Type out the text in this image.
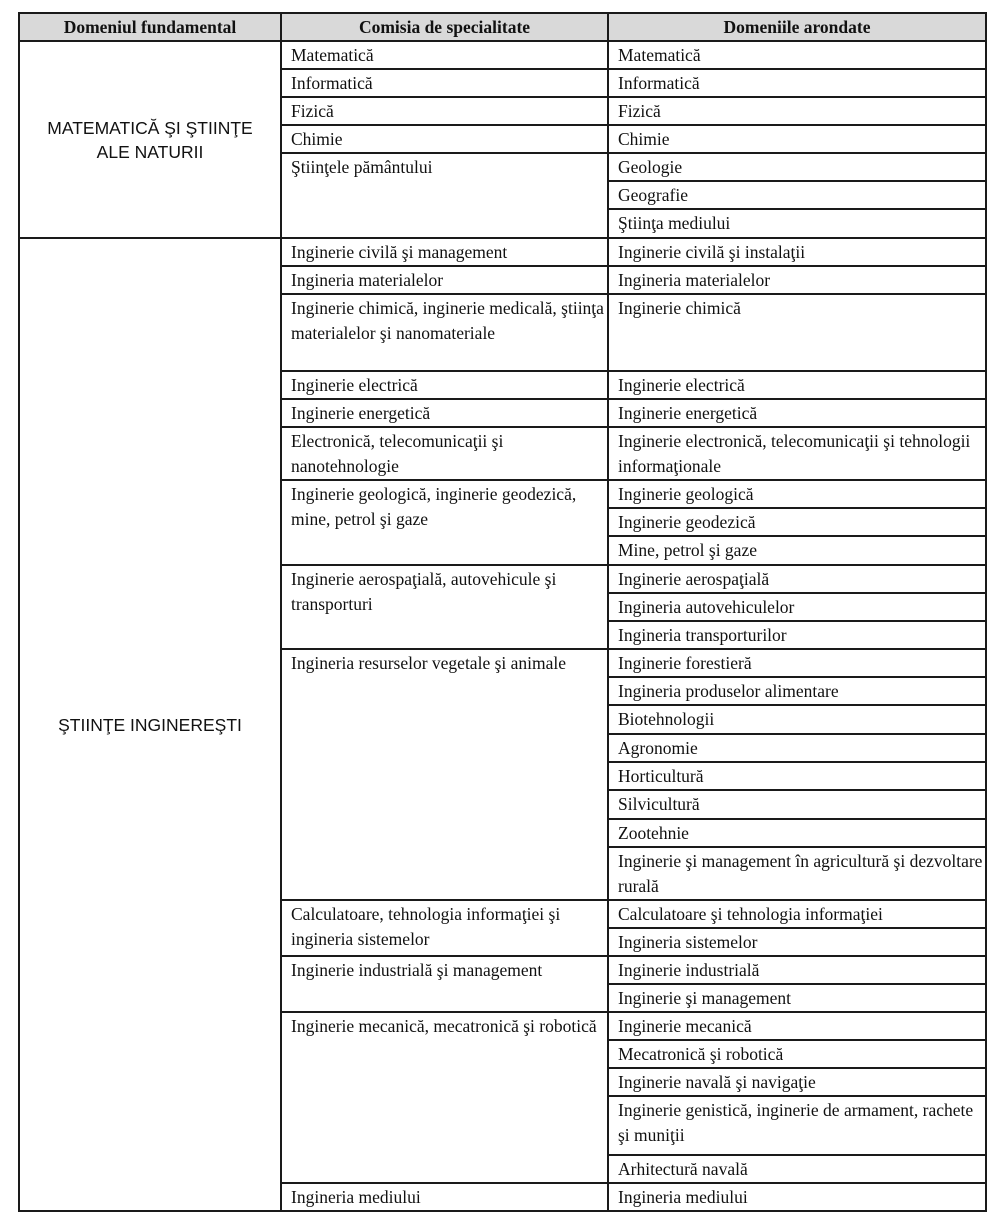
Domeniul fundamental	Comisia de specialitate	Domeniile arondate
MATEMATICĂ ŞI ŞTIINŢE ALE NATURII	Matematică	Matematică
	Informatică	Informatică
	Fizică	Fizică
	Chimie	Chimie
	Ştiinţele pământului	Geologie
		Geografie
		Ştiinţa mediului
ŞTIINŢE INGINEREŞTI	Inginerie civilă şi management	Inginerie civilă şi instalaţii
	Ingineria materialelor	Ingineria materialelor
	Inginerie chimică, inginerie medicală, ştiinţa materialelor şi nanomateriale	Inginerie chimică
	Inginerie electrică	Inginerie electrică
	Inginerie energetică	Inginerie energetică
	Electronică, telecomunicaţii şi nanotehnologie	Inginerie electronică, telecomunicaţii şi tehnologii informaţionale
	Inginerie geologică, inginerie geodezică, mine, petrol şi gaze	Inginerie geologică
		Inginerie geodezică
		Mine, petrol şi gaze
	Inginerie aerospaţială, autovehicule şi transporturi	Inginerie aerospaţială
		Ingineria autovehiculelor
		Ingineria transporturilor
	Ingineria resurselor vegetale şi animale	Inginerie forestieră
		Ingineria produselor alimentare
		Biotehnologii
		Agronomie
		Horticultură
		Silvicultură
		Zootehnie
		Inginerie şi management în agricultură şi dezvoltare rurală
	Calculatoare, tehnologia informaţiei şi ingineria sistemelor	Calculatoare şi tehnologia informaţiei
		Ingineria sistemelor
	Inginerie industrială şi management	Inginerie industrială
		Inginerie şi management
	Inginerie mecanică, mecatronică şi robotică	Inginerie mecanică
		Mecatronică şi robotică
		Inginerie navală şi navigaţie
		Inginerie genistică, inginerie de armament, rachete şi muniţii
		Arhitectură navală
	Ingineria mediului	Ingineria mediului
